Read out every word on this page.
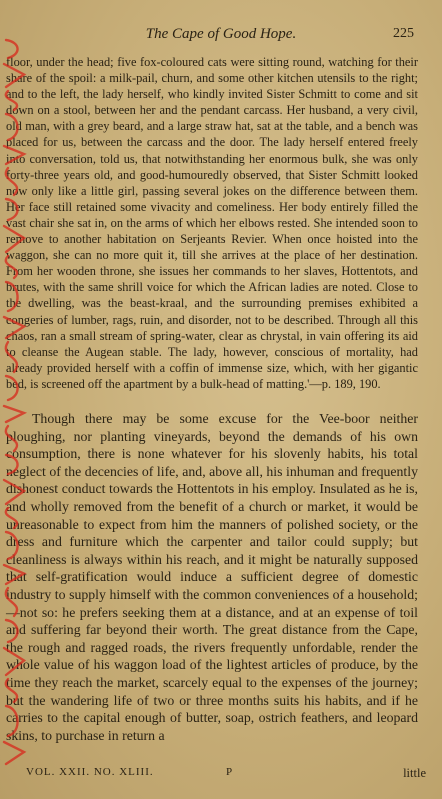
The Cape of Good Hope.	225

floor, under the head; five fox-coloured cats were sitting round, watching for their share of the spoil: a milk-pail, churn, and some other kitchen utensils to the right; and to the left, the lady herself, who kindly invited Sister Schmitt to come and sit down on a stool, between her and the pendant carcass. Her husband, a very civil, old man, with a grey beard, and a large straw hat, sat at the table, and a bench was placed for us, between the carcass and the door. The lady herself entered freely into conversation, told us, that notwithstanding her enormous bulk, she was only forty-three years old, and good-humouredly observed, that Sister Schmitt looked now only like a little girl, passing several jokes on the difference between them. Her face still retained some vivacity and comeliness. Her body entirely filled the vast chair she sat in, on the arms of which her elbows rested. She intended soon to remove to another habitation on Serjeants Revier. When once hoisted into the waggon, she can no more quit it, till she arrives at the place of her destination. From her wooden throne, she issues her commands to her slaves, Hottentots, and brutes, with the same shrill voice for which the African ladies are noted. Close to the dwelling, was the beast-kraal, and the surrounding premises exhibited a congeries of lumber, rags, ruin, and disorder, not to be described. Through all this chaos, ran a small stream of spring-water, clear as chrystal, in vain offering its aid to cleanse the Augean stable. The lady, however, conscious of mortality, had already provided herself with a coffin of immense size, which, with her gigantic bed, is screened off the apartment by a bulk-head of matting.'—p. 189, 190.

Though there may be some excuse for the Vee-boor neither ploughing, nor planting vineyards, beyond the demands of his own consumption, there is none whatever for his slovenly habits, his total neglect of the decencies of life, and, above all, his inhuman and frequently dishonest conduct towards the Hottentots in his employ. Insulated as he is, and wholly removed from the benefit of a church or market, it would be unreasonable to expect from him the manners of polished society, or the dress and furniture which the carpenter and tailor could supply; but cleanliness is always within his reach, and it might be naturally supposed that self-gratification would induce a sufficient degree of domestic industry to supply himself with the common conveniences of a household;—not so: he prefers seeking them at a distance, and at an expense of toil and suffering far beyond their worth. The great distance from the Cape, the rough and ragged roads, the rivers frequently unfordable, render the whole value of his waggon load of the lightest articles of produce, by the time they reach the market, scarcely equal to the expenses of the journey; but the wandering life of two or three months suits his habits, and if he carries to the capital enough of butter, soap, ostrich feathers, and leopard skins, to purchase in return a

VOL. XXII. NO. XLIII.	P	little
